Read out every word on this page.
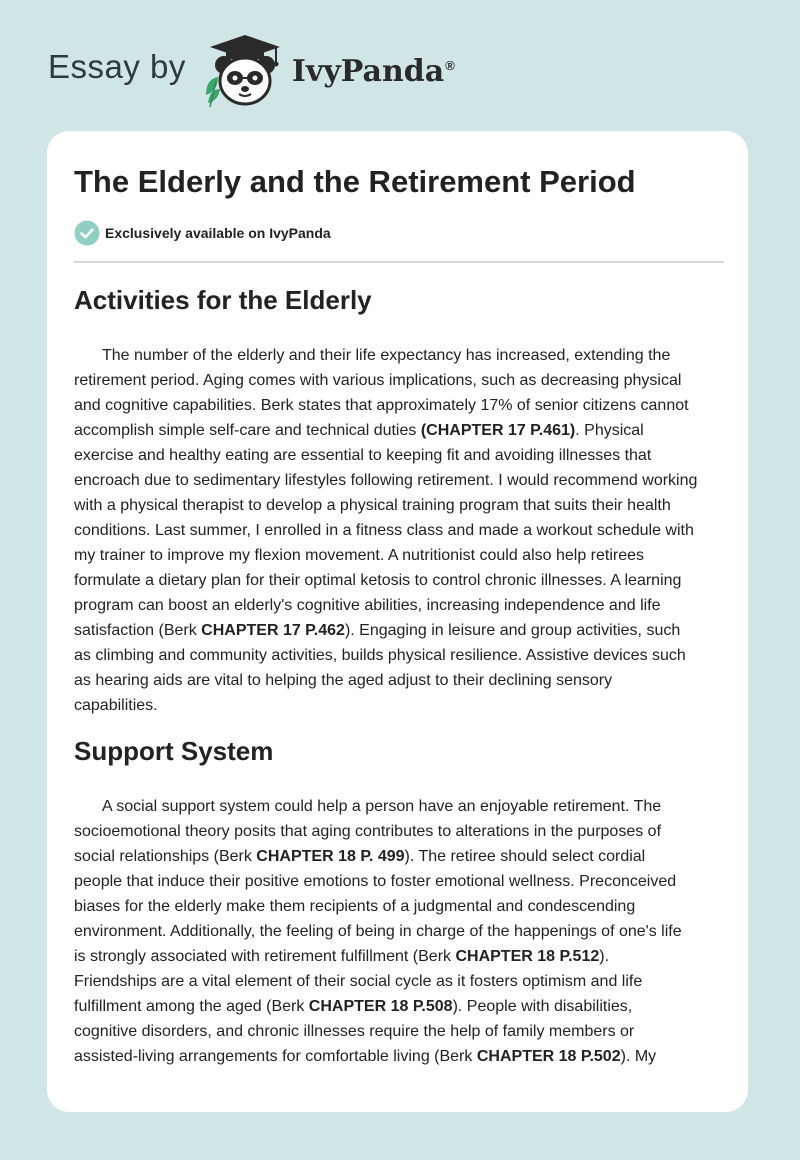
Essay by	IvyPanda®
The Elderly and the Retirement Period
Exclusively available on IvyPanda
Activities for the Elderly
The number of the elderly and their life expectancy has increased, extending the
retirement period. Aging comes with various implications, such as decreasing physical
and cognitive capabilities. Berk states that approximately 17% of senior citizens cannot
accomplish simple self-care and technical duties (CHAPTER 17 P.461). Physical
exercise and healthy eating are essential to keeping fit and avoiding illnesses that
encroach due to sedimentary lifestyles following retirement. I would recommend working
with a physical therapist to develop a physical training program that suits their health
conditions. Last summer, I enrolled in a fitness class and made a workout schedule with
my trainer to improve my flexion movement. A nutritionist could also help retirees
formulate a dietary plan for their optimal ketosis to control chronic illnesses. A learning
program can boost an elderly's cognitive abilities, increasing independence and life
satisfaction (Berk CHAPTER 17 P.462). Engaging in leisure and group activities, such
as climbing and community activities, builds physical resilience. Assistive devices such
as hearing aids are vital to helping the aged adjust to their declining sensory
capabilities.
Support System
A social support system could help a person have an enjoyable retirement. The
socioemotional theory posits that aging contributes to alterations in the purposes of
social relationships (Berk CHAPTER 18 P. 499). The retiree should select cordial
people that induce their positive emotions to foster emotional wellness. Preconceived
biases for the elderly make them recipients of a judgmental and condescending
environment. Additionally, the feeling of being in charge of the happenings of one's life
is strongly associated with retirement fulfillment (Berk CHAPTER 18 P.512).
Friendships are a vital element of their social cycle as it fosters optimism and life
fulfillment among the aged (Berk CHAPTER 18 P.508). People with disabilities,
cognitive disorders, and chronic illnesses require the help of family members or
assisted-living arrangements for comfortable living (Berk CHAPTER 18 P.502). My
